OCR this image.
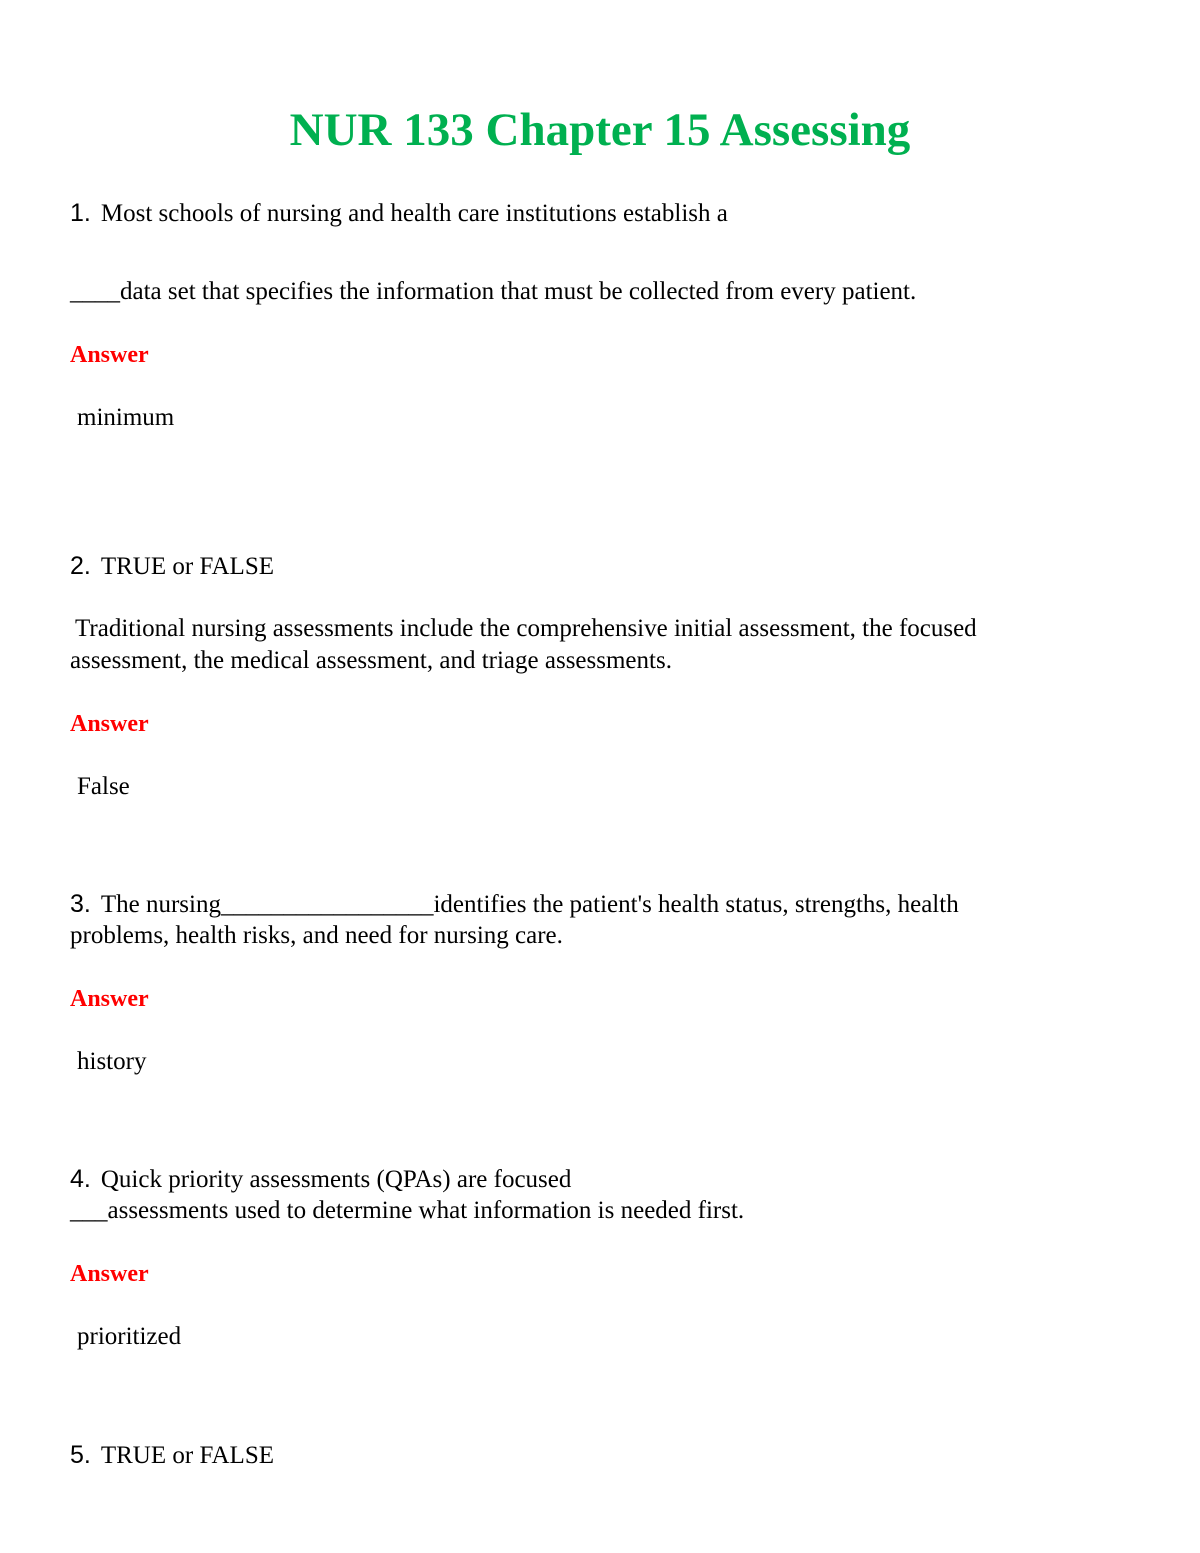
NUR 133 Chapter 15 Assessing
1. Most schools of nursing and health care institutions establish a
____data set that specifies the information that must be collected from every patient.
Answer
minimum
2. TRUE or FALSE
Traditional nursing assessments include the comprehensive initial assessment, the focused
assessment, the medical assessment, and triage assessments.
Answer
False
3. The nursing_________________identifies the patient's health status, strengths, health
problems, health risks, and need for nursing care.
Answer
history
4. Quick priority assessments (QPAs) are focused
___assessments used to determine what information is needed first.
Answer
prioritized
5. TRUE or FALSE
